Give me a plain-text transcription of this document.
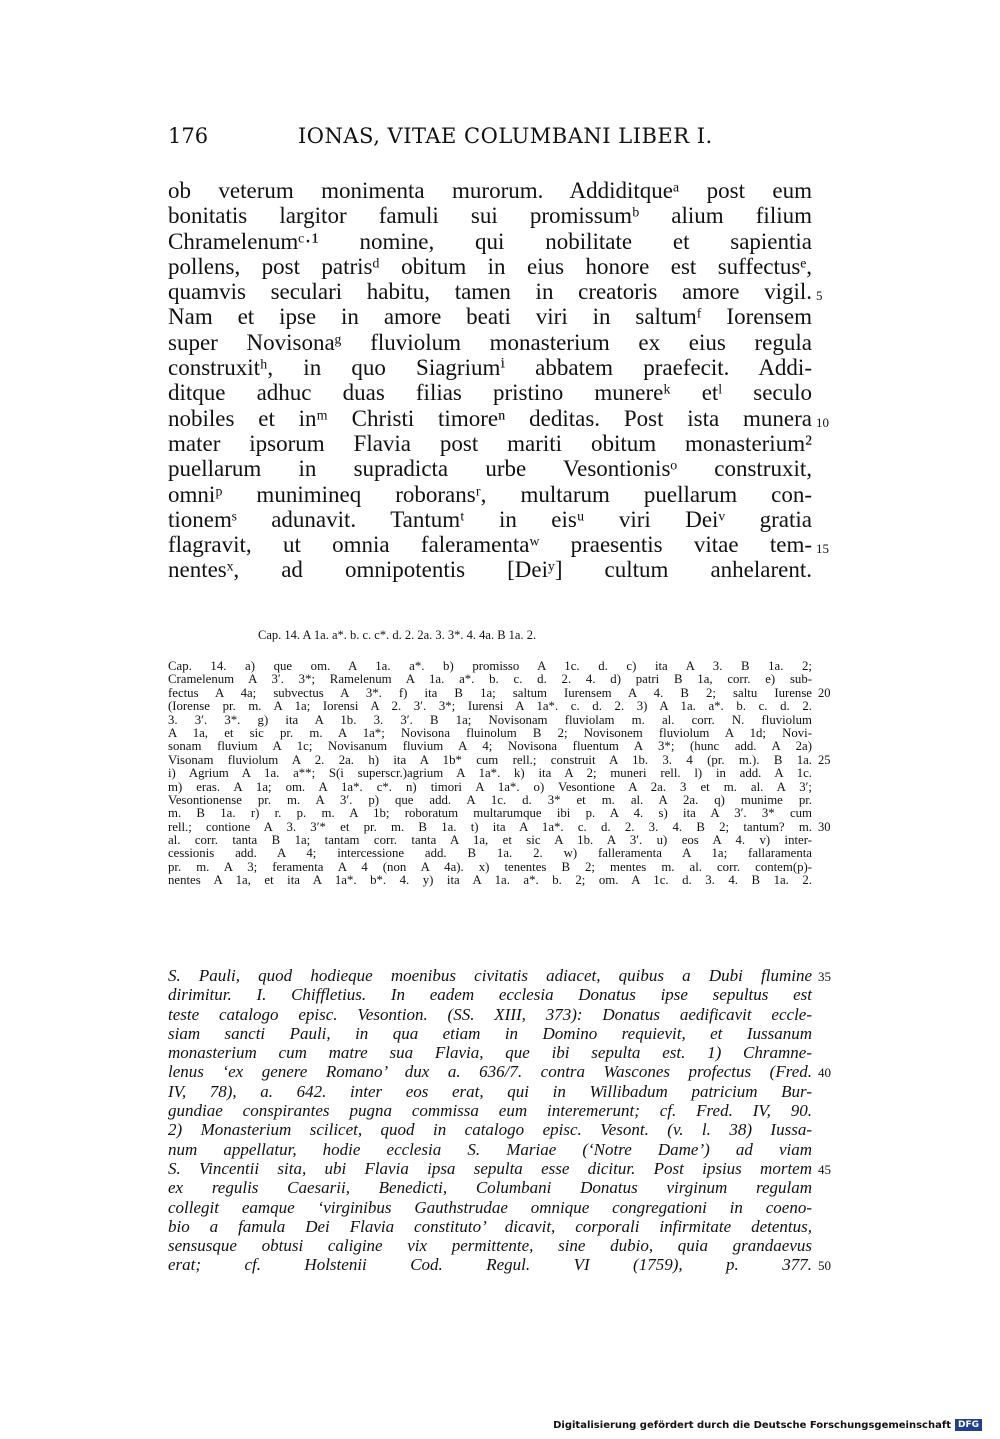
176	IONAS, VITAE COLUMBANI LIBER I.
ob veterum monimenta murorum. Addiditqueᵃ post eum
bonitatis largitor famuli sui promissumᵇ alium filium
Chramelenumᶜ·¹ nomine, qui nobilitate et sapientia
pollens, post patrisᵈ obitum in eius honore est suffectusᵉ,
quamvis seculari habitu, tamen in creatoris amore vigil. 5
Nam et ipse in amore beati viri in saltumᶠ Iorensem
super Novisonaᵍ fluviolum monasterium ex eius regula
construxitʰ, in quo Siagriumⁱ abbatem praefecit. Addi-
ditque adhuc duas filias pristino munereᵏ etˡ seculo
nobiles et inᵐ Christi timoreⁿ deditas. Post ista munera 10
mater ipsorum Flavia post mariti obitum monasterium²
puellarum in supradicta urbe Vesontionisᵒ construxit,
omniᵖ munimineq roboransʳ, multarum puellarum con-
tionemˢ adunavit. Tantumᵗ in eisᵘ viri Deiᵛ gratia
flagravit, ut omnia faleramentaʷ praesentis vitae tem- 15
nentesˣ, ad omnipotentis [Deiʸ] cultum anhelarent.
Cap. 14. A 1a. a*. b. c. c*. d. 2. 2a. 3. 3*. 4. 4a. B 1a. 2.
Cap. 14. a) que om. A 1a. a*. b) promisso A 1c. d. c) ita A 3. B 1a. 2;
Cramelenum A 3′. 3*; Ramelenum A 1a. a*. b. c. d. 2. 4. d) patri B 1a, corr. e) sub-
fectus A 4a; subvectus A 3*. f) ita B 1a; saltum Iurensem A 4. B 2; saltu Iurense 20
(Iorense pr. m. A 1a; Iorensi A 2. 3′. 3*; Iurensi A 1a*. c. d. 2. 3) A 1a. a*. b. c. d. 2.
3. 3′. 3*. g) ita A 1b. 3. 3′. B 1a; Novisonam fluviolam m. al. corr. N. fluviolum
A 1a, et sic pr. m. A 1a*; Novisona fluinolum B 2; Novisonem fluviolum A 1d; Novi-
sonam fluvium A 1c; Novisanum fluvium A 4; Novisona fluentum A 3*; (hunc add. A 2a)
Visonam fluviolum A 2. 2a. h) ita A 1b* cum rell.; construit A 1b. 3. 4 (pr. m.). B 1a. 25
i) Agrium A 1a. a**; S(i superscr.)agrium A 1a*. k) ita A 2; muneri rell. l) in add. A 1c.
m) eras. A 1a; om. A 1a*. c*. n) timori A 1a*. o) Vesontione A 2a. 3 et m. al. A 3′;
Vesontionense pr. m. A 3′. p) que add. A 1c. d. 3* et m. al. A 2a. q) munime pr.
m. B 1a. r) r. p. m. A 1b; roboratum multarumque ibi p. A 4. s) ita A 3′. 3* cum
rell.; contione A 3. 3′* et pr. m. B 1a. t) ita A 1a*. c. d. 2. 3. 4. B 2; tantum? m. 30
al. corr. tanta B 1a; tantam corr. tanta A 1a, et sic A 1b. A 3′. u) eos A 4. v) inter-
cessionis add. A 4; intercessione add. B 1a. 2. w) falleramenta A 1a; fallaramenta
pr. m. A 3; feramenta A 4 (non A 4a). x) tenentes B 2; mentes m. al. corr. contem(p)-
nentes A 1a, et ita A 1a*. b*. 4. y) ita A 1a. a*. b. 2; om. A 1c. d. 3. 4. B 1a. 2.
S. Pauli, quod hodieque moenibus civitatis adiacet, quibus a Dubi flumine 35
dirimitur. I. Chiffletius. In eadem ecclesia Donatus ipse sepultus est
teste catalogo episc. Vesontion. (SS. XIII, 373): Donatus aedificavit eccle-
siam sancti Pauli, in qua etiam in Domino requievit, et Iussanum
monasterium cum matre sua Flavia, que ibi sepulta est. 1) Chramne-
lenus ‘ex genere Romano’ dux a. 636/7. contra Wascones profectus (Fred. 40
IV, 78), a. 642. inter eos erat, qui in Willibadum patricium Bur-
gundiae conspirantes pugna commissa eum interemerunt; cf. Fred. IV, 90.
2) Monasterium scilicet, quod in catalogo episc. Vesont. (v. l. 38) Iussa-
num appellatur, hodie ecclesia S. Mariae (‘Notre Dame’) ad viam
S. Vincentii sita, ubi Flavia ipsa sepulta esse dicitur. Post ipsius mortem 45
ex regulis Caesarii, Benedicti, Columbani Donatus virginum regulam
collegit eamque ‘virginibus Gauthstrudae omnique congregationi in coeno-
bio a famula Dei Flavia constituto’ dicavit, corporali infirmitate detentus,
sensusque obtusi caligine vix permittente, sine dubio, quia grandaevus
erat; cf. Holstenii Cod. Regul. VI (1759), p. 377. 50
Digitalisierung gefördert durch die Deutsche Forschungsgemeinschaft DFG
